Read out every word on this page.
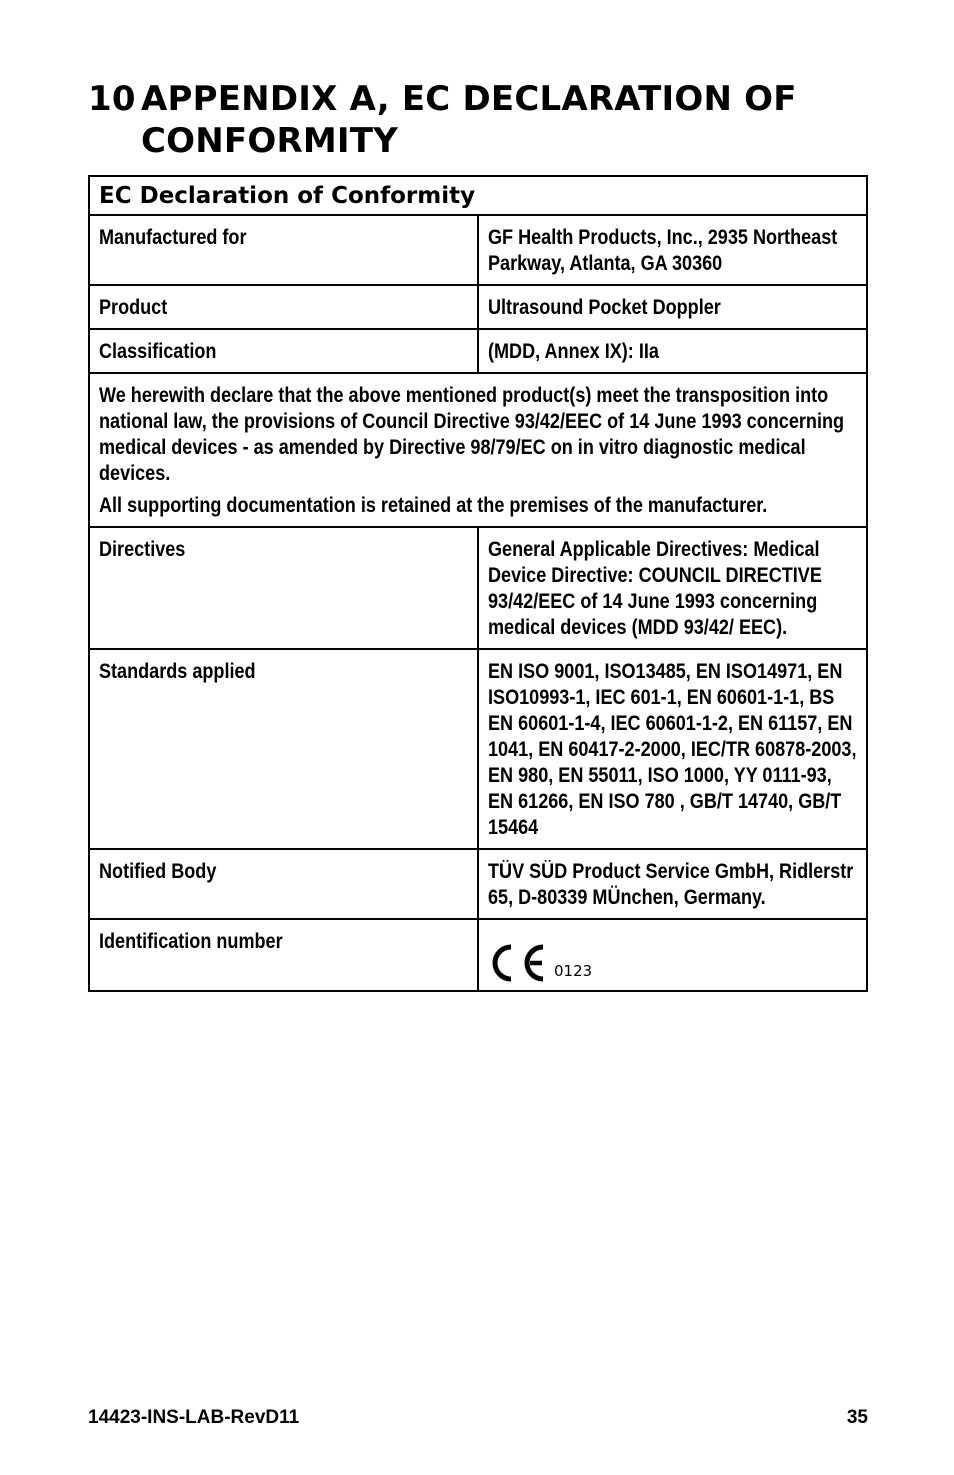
10 APPENDIX A, EC DECLARATION OF CONFORMITY
EC Declaration of Conformity	
Manufactured for	GF Health Products, Inc., 2935 Northeast Parkway, Atlanta, GA 30360
Product	Ultrasound Pocket Doppler
Classification	(MDD, Annex IX): IIa

We herewith declare that the above mentioned product(s) meet the transposition into national law, the provisions of Council Directive 93/42/EEC of 14 June 1993 concerning medical devices - as amended by Directive 98/79/EC on in vitro diagnostic medical devices.
All supporting documentation is retained at the premises of the manufacturer.	

Directives	General Applicable Directives: Medical Device Directive: COUNCIL DIRECTIVE 93/42/EEC of 14 June 1993 concerning medical devices (MDD 93/42/ EEC).
Standards applied	EN ISO 9001, ISO13485, EN ISO14971, EN ISO10993-1, IEC 601-1, EN 60601-1-1, BS EN 60601-1-4, IEC 60601-1-2, EN 61157, EN 1041, EN 60417-2-2000, IEC/TR 60878-2003, EN 980, EN 55011, ISO 1000, YY 0111-93, EN 61266, EN ISO 780 , GB/T 14740, GB/T 15464
Notified Body	TÜV SÜD Product Service GmbH, Ridlerstr 65, D-80339 MÜnchen, Germany.
Identification number	0123
14423-INS-LAB-RevD11	35
